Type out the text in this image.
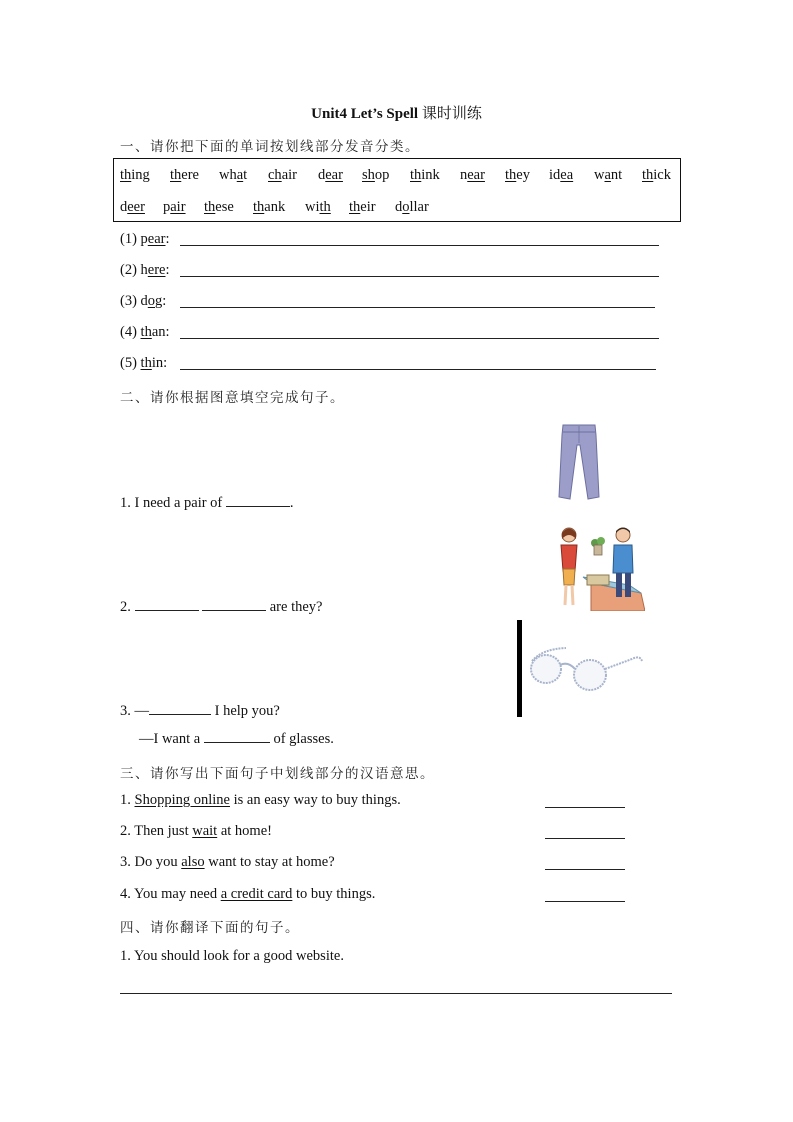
Unit4 Let’s Spell 课时训练
一、请你把下面的单词按划线部分发音分类。
thing there what chair dear shop think near they idea want thick
deer pair these thank with their dollar
(1) pear:
(2) here:
(3) dog:
(4) than:
(5) thin:
二、请你根据图意填空完成句子。
1. I need a pair of	.
2.	are they?
3. —	I help you?
—I want a	of glasses.
三、请你写出下面句子中划线部分的汉语意思。
1. Shopping online is an easy way to buy things.
2. Then just wait at home!
3. Do you also want to stay at home?
4. You may need a credit card to buy things.
四、请你翻译下面的句子。
1. You should look for a good website.
